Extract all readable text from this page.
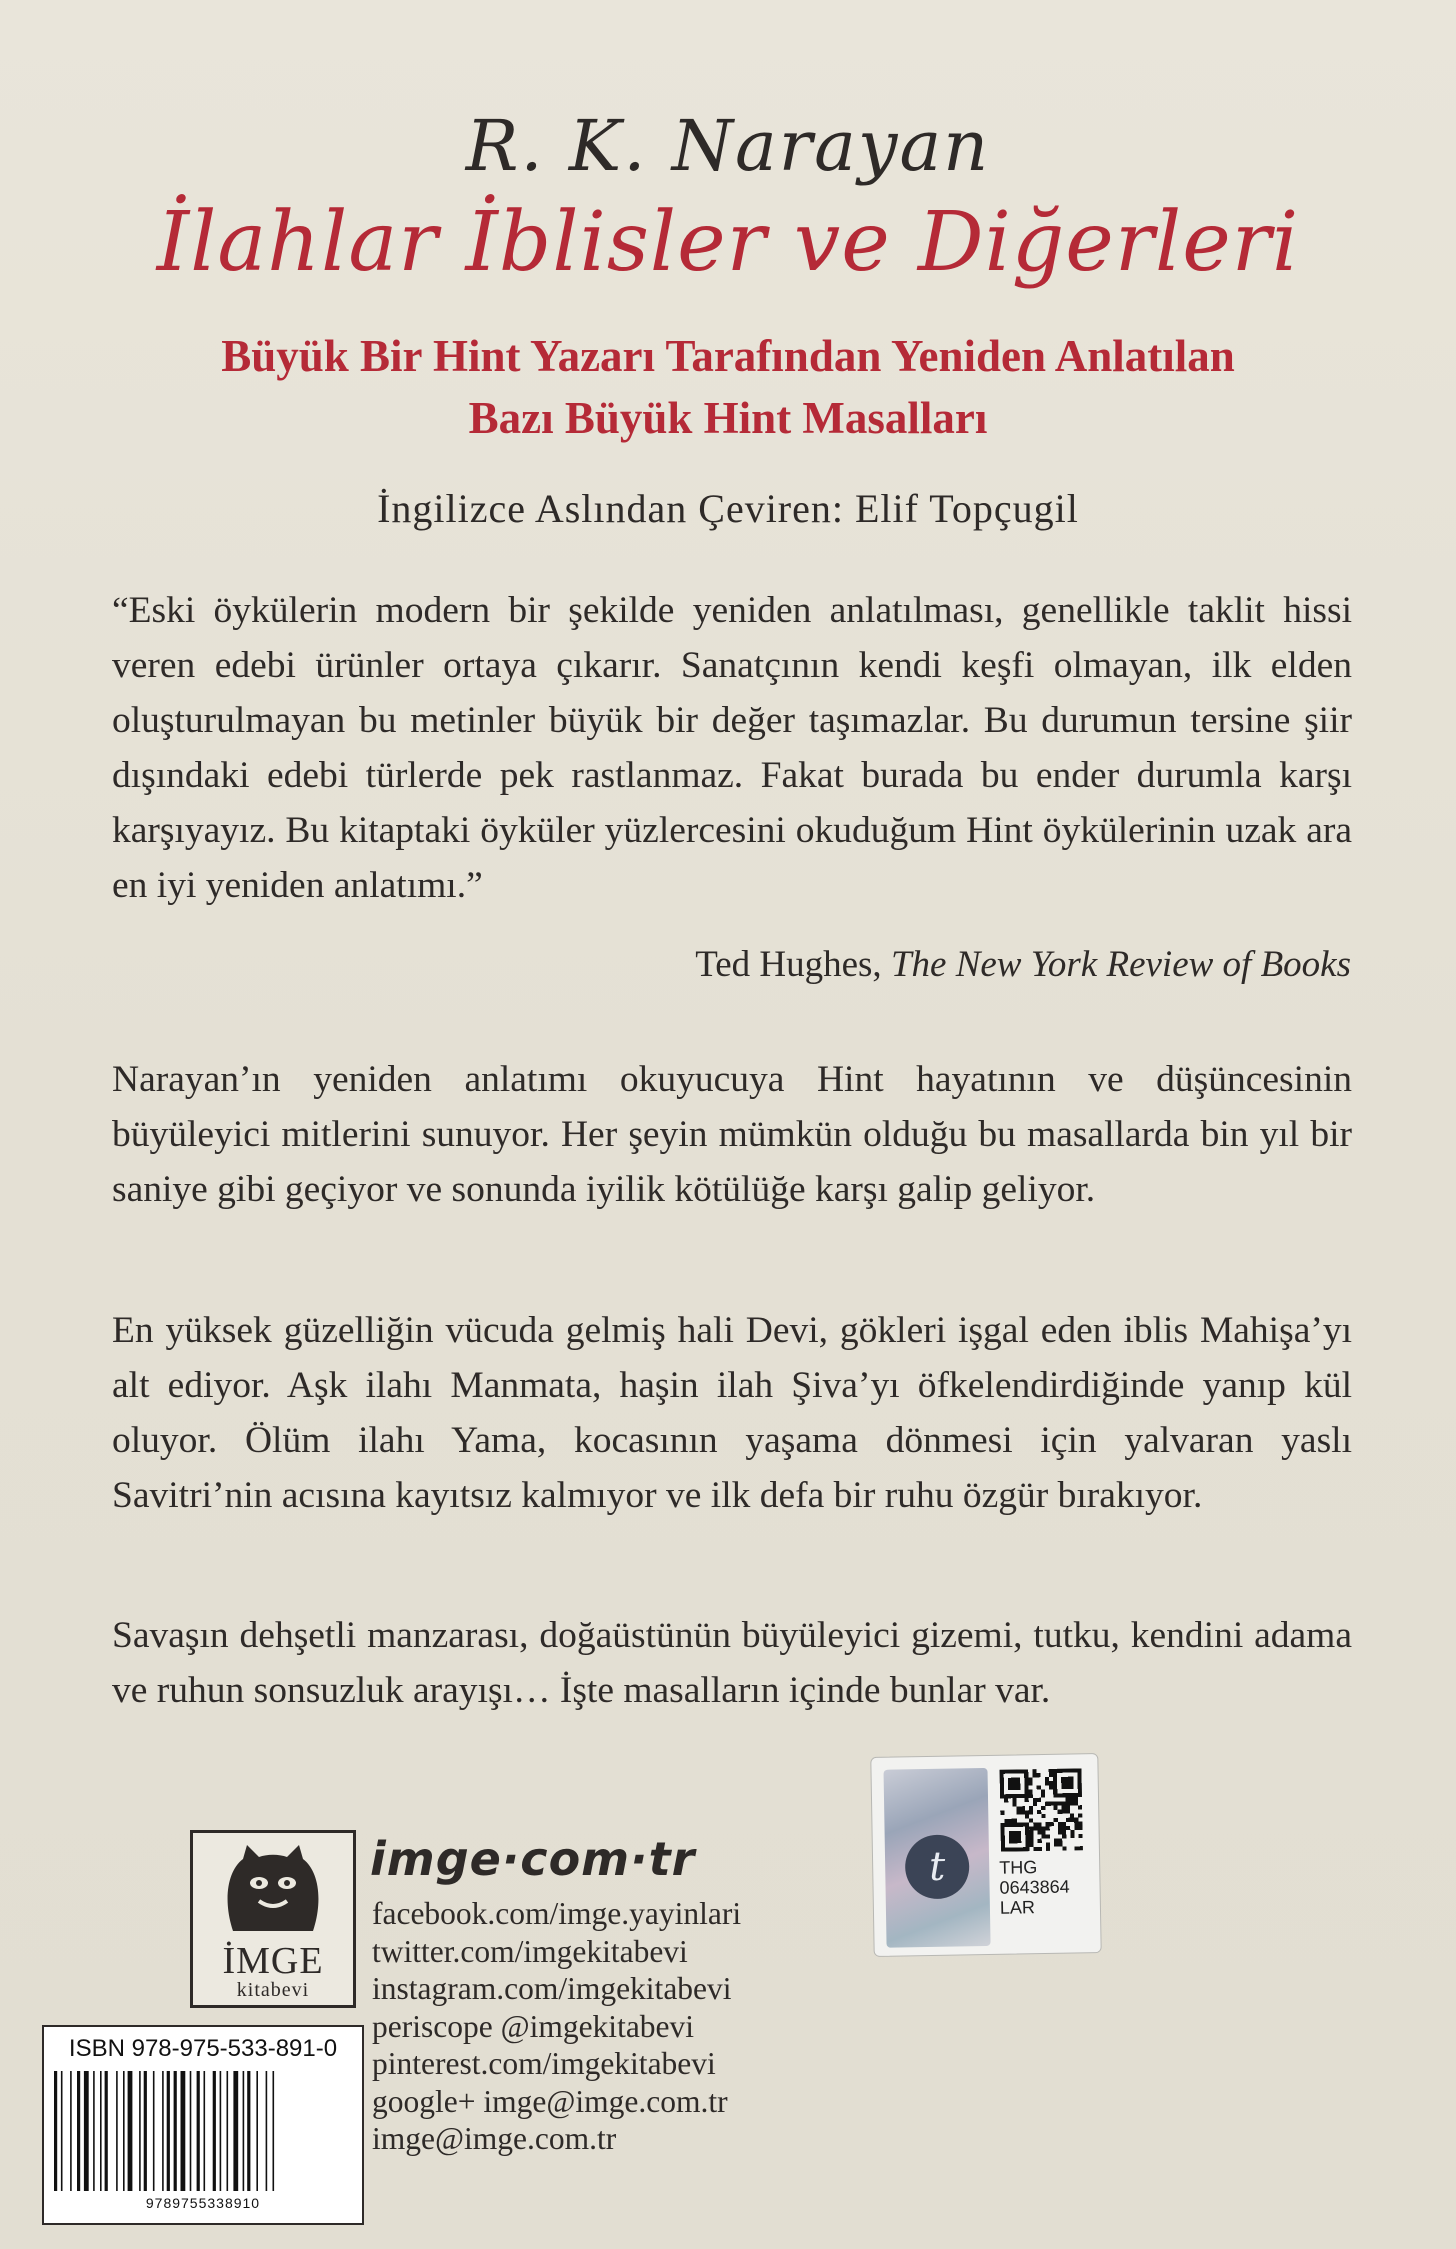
R. K. Narayan
İlahlar İblisler ve Diğerleri
Büyük Bir Hint Yazarı Tarafından Yeniden Anlatılan
Bazı Büyük Hint Masalları
İngilizce Aslından Çeviren: Elif Topçugil
“Eski öykülerin modern bir şekilde yeniden anlatılması, genellikle taklit hissi veren edebi ürünler ortaya çıkarır. Sanatçının kendi keşfi olmayan, ilk elden oluşturulmayan bu metinler büyük bir değer taşımazlar. Bu durumun tersine şiir dışındaki edebi türlerde pek rastlanmaz. Fakat burada bu ender durumla karşı karşıyayız. Bu kitaptaki öyküler yüzlercesini okuduğum Hint öykülerinin uzak ara en iyi yeniden anlatımı.”
Ted Hughes, The New York Review of Books
Narayan’ın yeniden anlatımı okuyucuya Hint hayatının ve düşüncesinin büyüleyici mitlerini sunuyor. Her şeyin mümkün olduğu bu masallarda bin yıl bir saniye gibi geçiyor ve sonunda iyilik kötülüğe karşı galip geliyor.
En yüksek güzelliğin vücuda gelmiş hali Devi, gökleri işgal eden iblis Mahişa’yı alt ediyor. Aşk ilahı Manmata, haşin ilah Şiva’yı öfkelendirdiğinde yanıp kül oluyor. Ölüm ilahı Yama, kocasının yaşama dönmesi için yalvaran yaslı Savitri’nin acısına kayıtsız kalmıyor ve ilk defa bir ruhu özgür bırakıyor.
Savaşın dehşetli manzarası, doğaüstünün büyüleyici gizemi, tutku, kendini adama ve ruhun sonsuzluk arayışı… İşte masalların içinde bunlar var.
İMGE
kitabevi
imge·com·tr
facebook.com/imge.yayinlari
twitter.com/imgekitabevi
instagram.com/imgekitabevi
periscope @imgekitabevi
pinterest.com/imgekitabevi
google+ imge@imge.com.tr
imge@imge.com.tr
ISBN 978-975-533-891-0
9789755338910
t	THG
0643864
LAR
